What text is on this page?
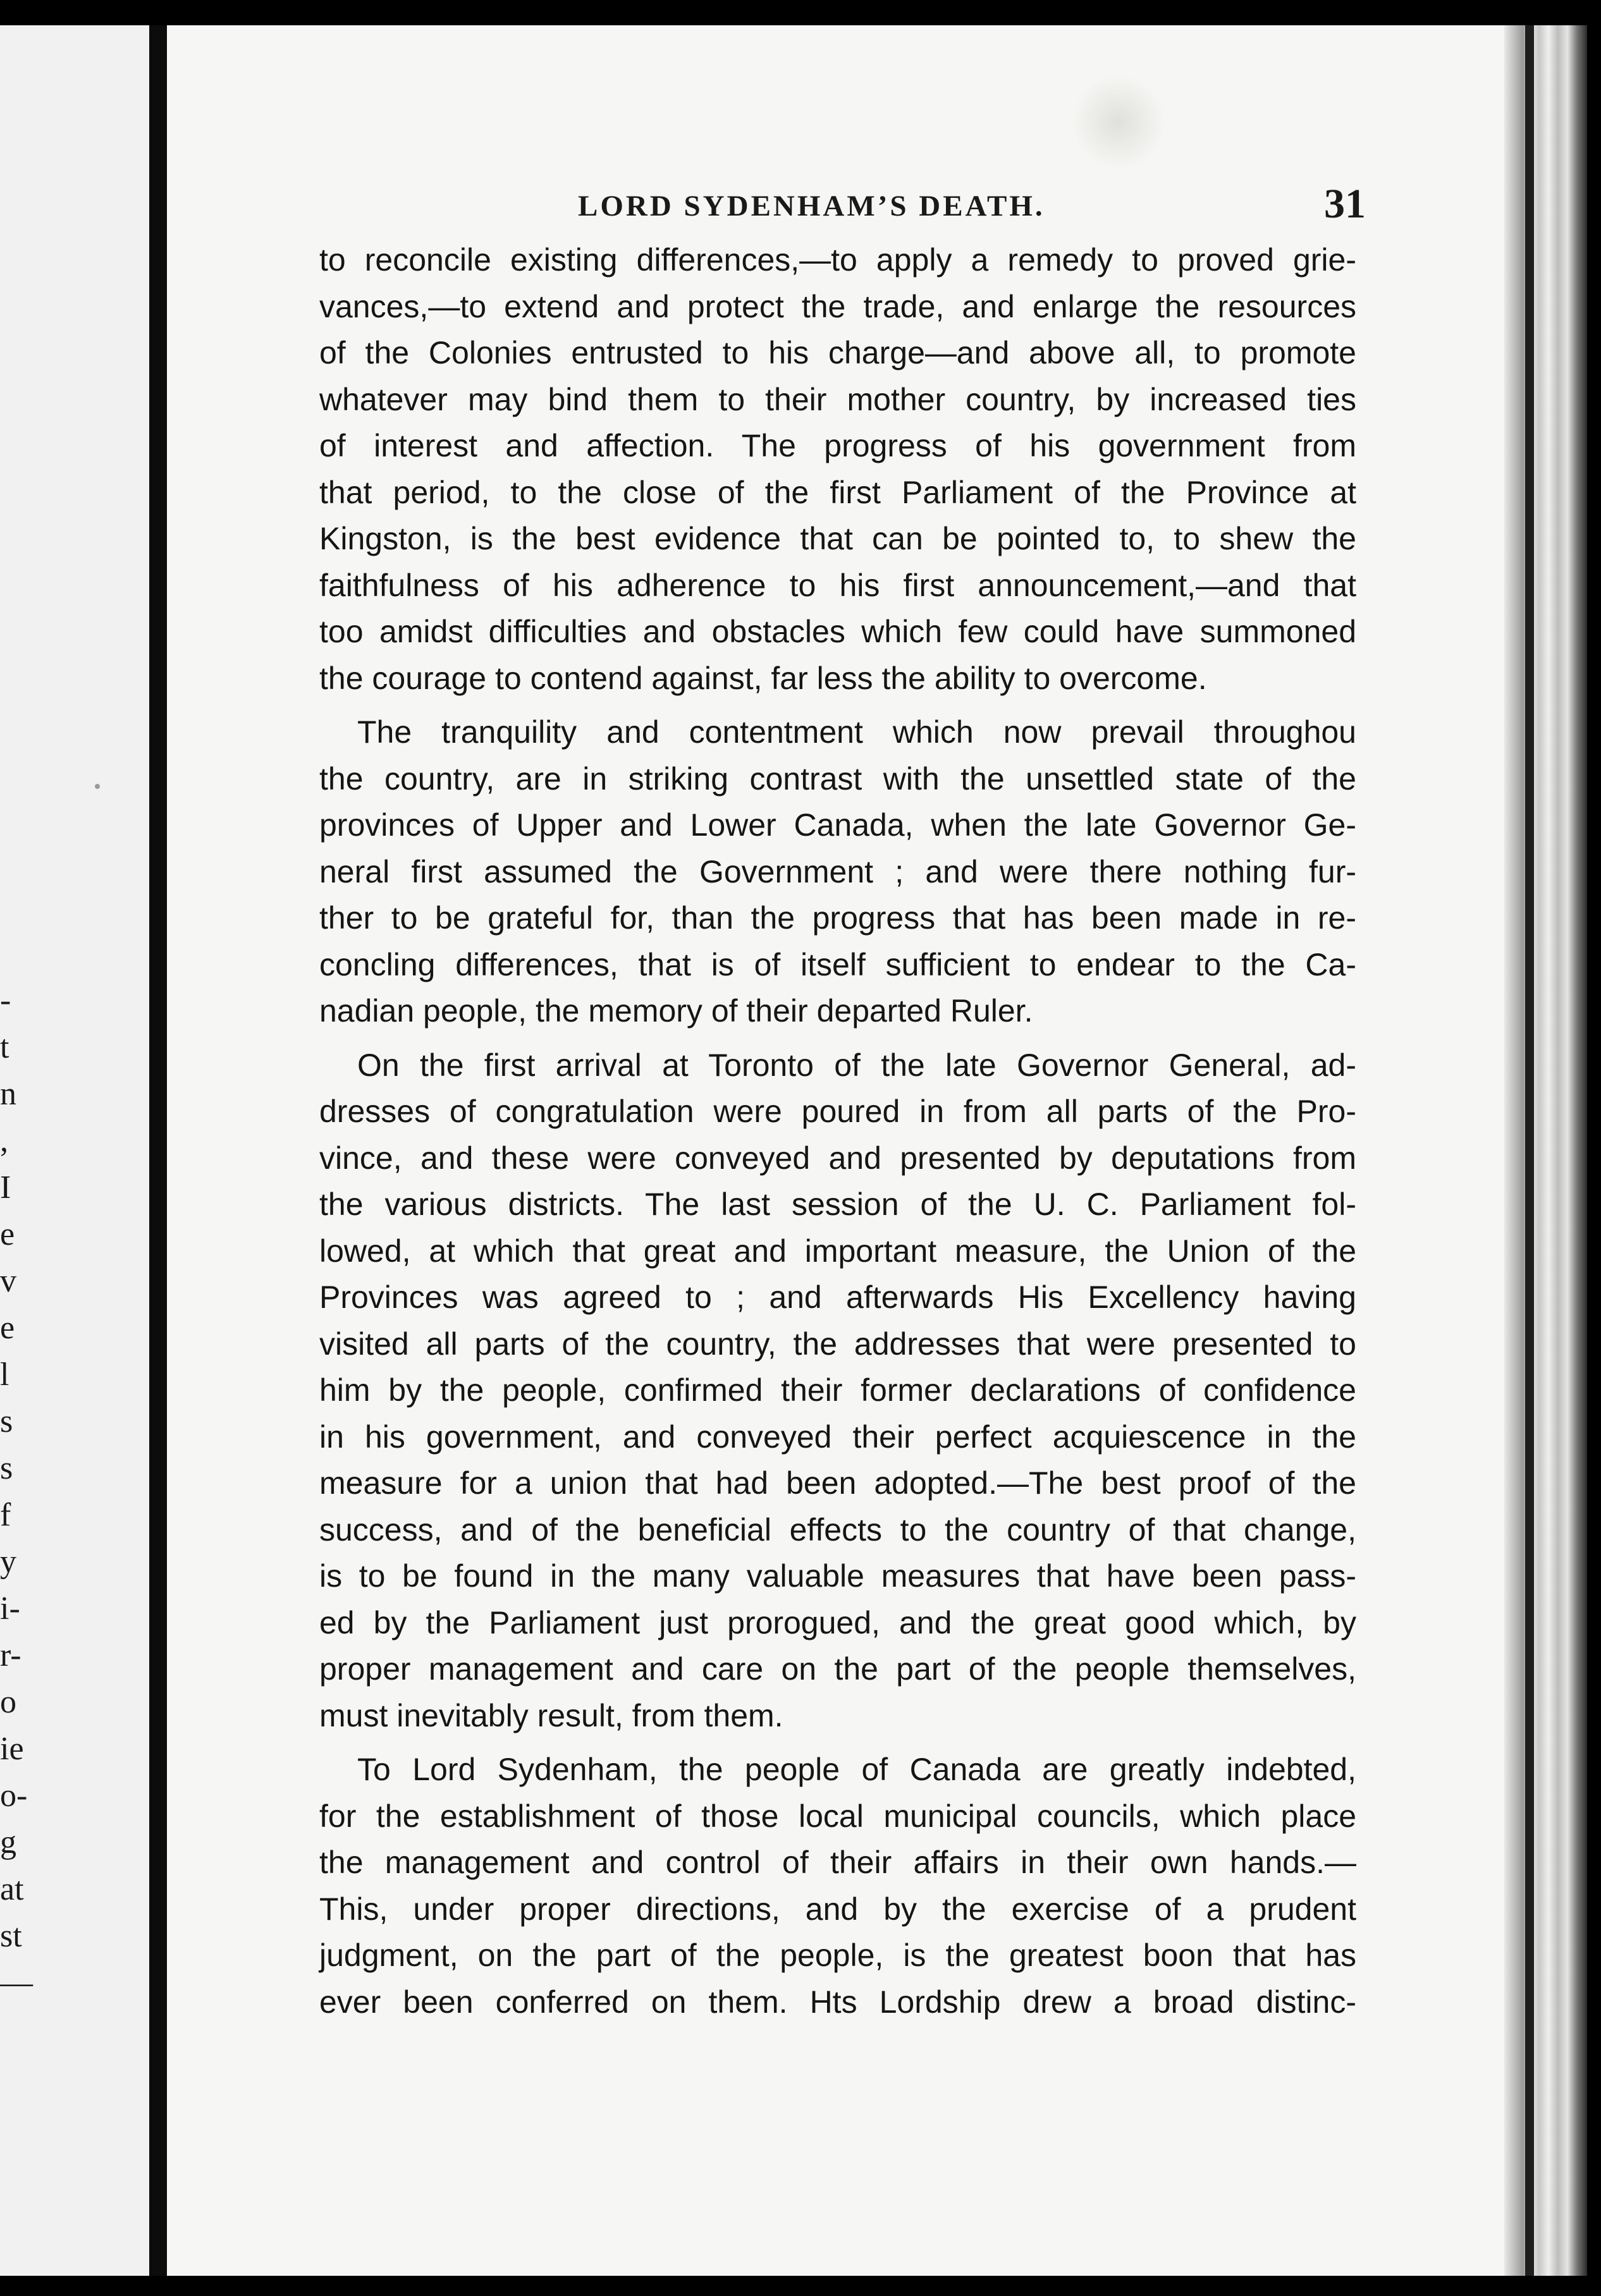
-
t
n
,
I
e
v
e
l
s
s
f
y
i-
r-
o
ie
o-
g
at
st
—
LORD SYDENHAM’S DEATH.	31

to reconcile existing differences,—to apply a remedy to proved grie-
vances,—to extend and protect the trade, and enlarge the resources
of the Colonies entrusted to his charge—and above all, to promote
whatever may bind them to their mother country, by increased ties
of interest and affection. The progress of his government from
that period, to the close of the first Parliament of the Province at
Kingston, is the best evidence that can be pointed to, to shew the
faithfulness of his adherence to his first announcement,—and that
too amidst difficulties and obstacles which few could have summoned
the courage to contend against, far less the ability to overcome.

The tranquility and contentment which now prevail throughou
the country, are in striking contrast with the unsettled state of the
provinces of Upper and Lower Canada, when the late Governor Ge-
neral first assumed the Government ; and were there nothing fur-
ther to be grateful for, than the progress that has been made in re-
concling differences, that is of itself sufficient to endear to the Ca-
nadian people, the memory of their departed Ruler.

On the first arrival at Toronto of the late Governor General, ad-
dresses of congratulation were poured in from all parts of the Pro-
vince, and these were conveyed and presented by deputations from
the various districts. The last session of the U. C. Parliament fol-
lowed, at which that great and important measure, the Union of the
Provinces was agreed to ; and afterwards His Excellency having
visited all parts of the country, the addresses that were presented to
him by the people, confirmed their former declarations of confidence
in his government, and conveyed their perfect acquiescence in the
measure for a union that had been adopted.—The best proof of the
success, and of the beneficial effects to the country of that change,
is to be found in the many valuable measures that have been pass-
ed by the Parliament just prorogued, and the great good which, by
proper management and care on the part of the people themselves,
must inevitably result, from them.

To Lord Sydenham, the people of Canada are greatly indebted,
for the establishment of those local municipal councils, which place
the management and control of their affairs in their own hands.—
This, under proper directions, and by the exercise of a prudent
judgment, on the part of the people, is the greatest boon that has
ever been conferred on them. Hts Lordship drew a broad distinc-
